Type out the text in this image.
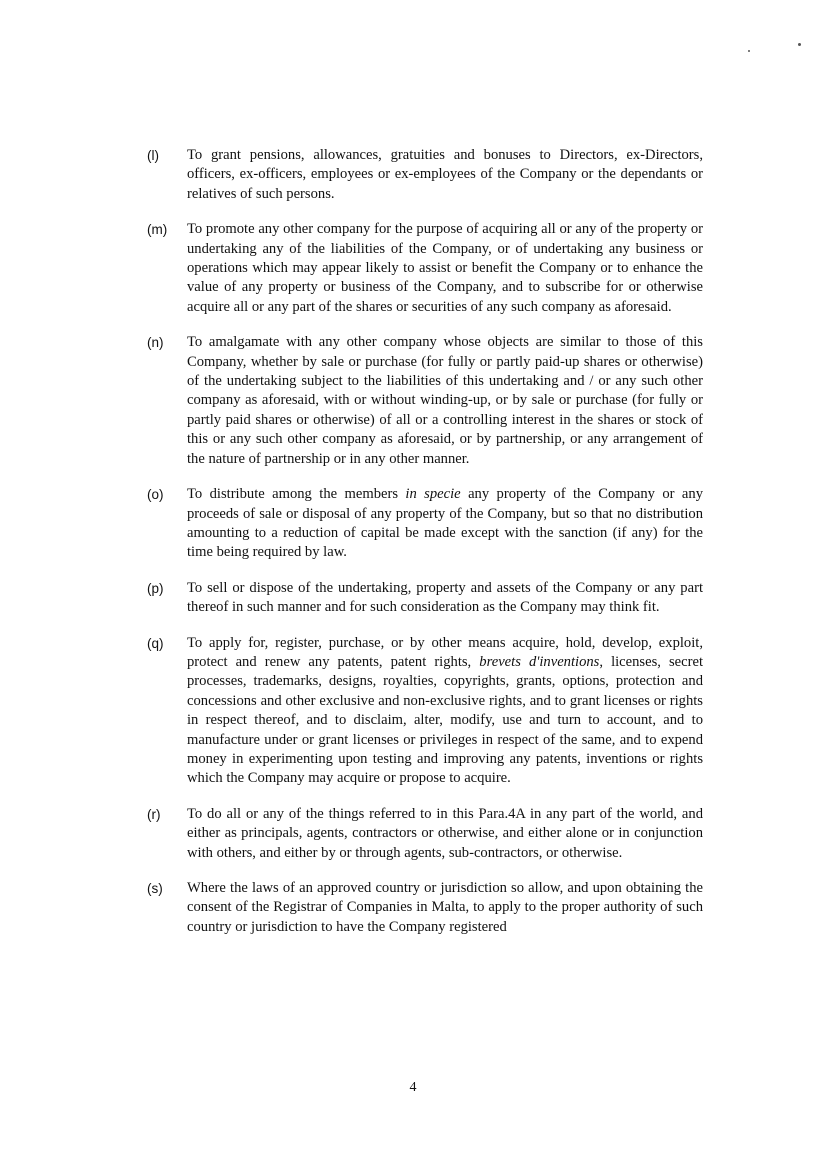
(l)	To grant pensions, allowances, gratuities and bonuses to Directors, ex-Directors, officers, ex-officers, employees or ex-employees of the Company or the dependants or relatives of such persons.

(m)	To promote any other company for the purpose of acquiring all or any of the property or undertaking any of the liabilities of the Company, or of undertaking any business or operations which may appear likely to assist or benefit the Company or to enhance the value of any property or business of the Company, and to subscribe for or otherwise acquire all or any part of the shares or securities of any such company as aforesaid.

(n)	To amalgamate with any other company whose objects are similar to those of this Company, whether by sale or purchase (for fully or partly paid-up shares or otherwise) of the undertaking subject to the liabilities of this undertaking and / or any such other company as aforesaid, with or without winding-up, or by sale or purchase (for fully or partly paid shares or otherwise) of all or a controlling interest in the shares or stock of this or any such other company as aforesaid, or by partnership, or any arrangement of the nature of partnership or in any other manner.

(o)	To distribute among the members in specie any property of the Company or any proceeds of sale or disposal of any property of the Company, but so that no distribution amounting to a reduction of capital be made except with the sanction (if any) for the time being required by law.

(p)	To sell or dispose of the undertaking, property and assets of the Company or any part thereof in such manner and for such consideration as the Company may think fit.

(q)	To apply for, register, purchase, or by other means acquire, hold, develop, exploit, protect and renew any patents, patent rights, brevets d'inventions, licenses, secret processes, trademarks, designs, royalties, copyrights, grants, options, protection and concessions and other exclusive and non-exclusive rights, and to grant licenses or rights in respect thereof, and to disclaim, alter, modify, use and turn to account, and to manufacture under or grant licenses or privileges in respect of the same, and to expend money in experimenting upon testing and improving any patents, inventions or rights which the Company may acquire or propose to acquire.

(r)	To do all or any of the things referred to in this Para.4A in any part of the world, and either as principals, agents, contractors or otherwise, and either alone or in conjunction with others, and either by or through agents, sub-contractors, or otherwise.

(s)	Where the laws of an approved country or jurisdiction so allow, and upon obtaining the consent of the Registrar of Companies in Malta, to apply to the proper authority of such country or jurisdiction to have the Company registered

4
